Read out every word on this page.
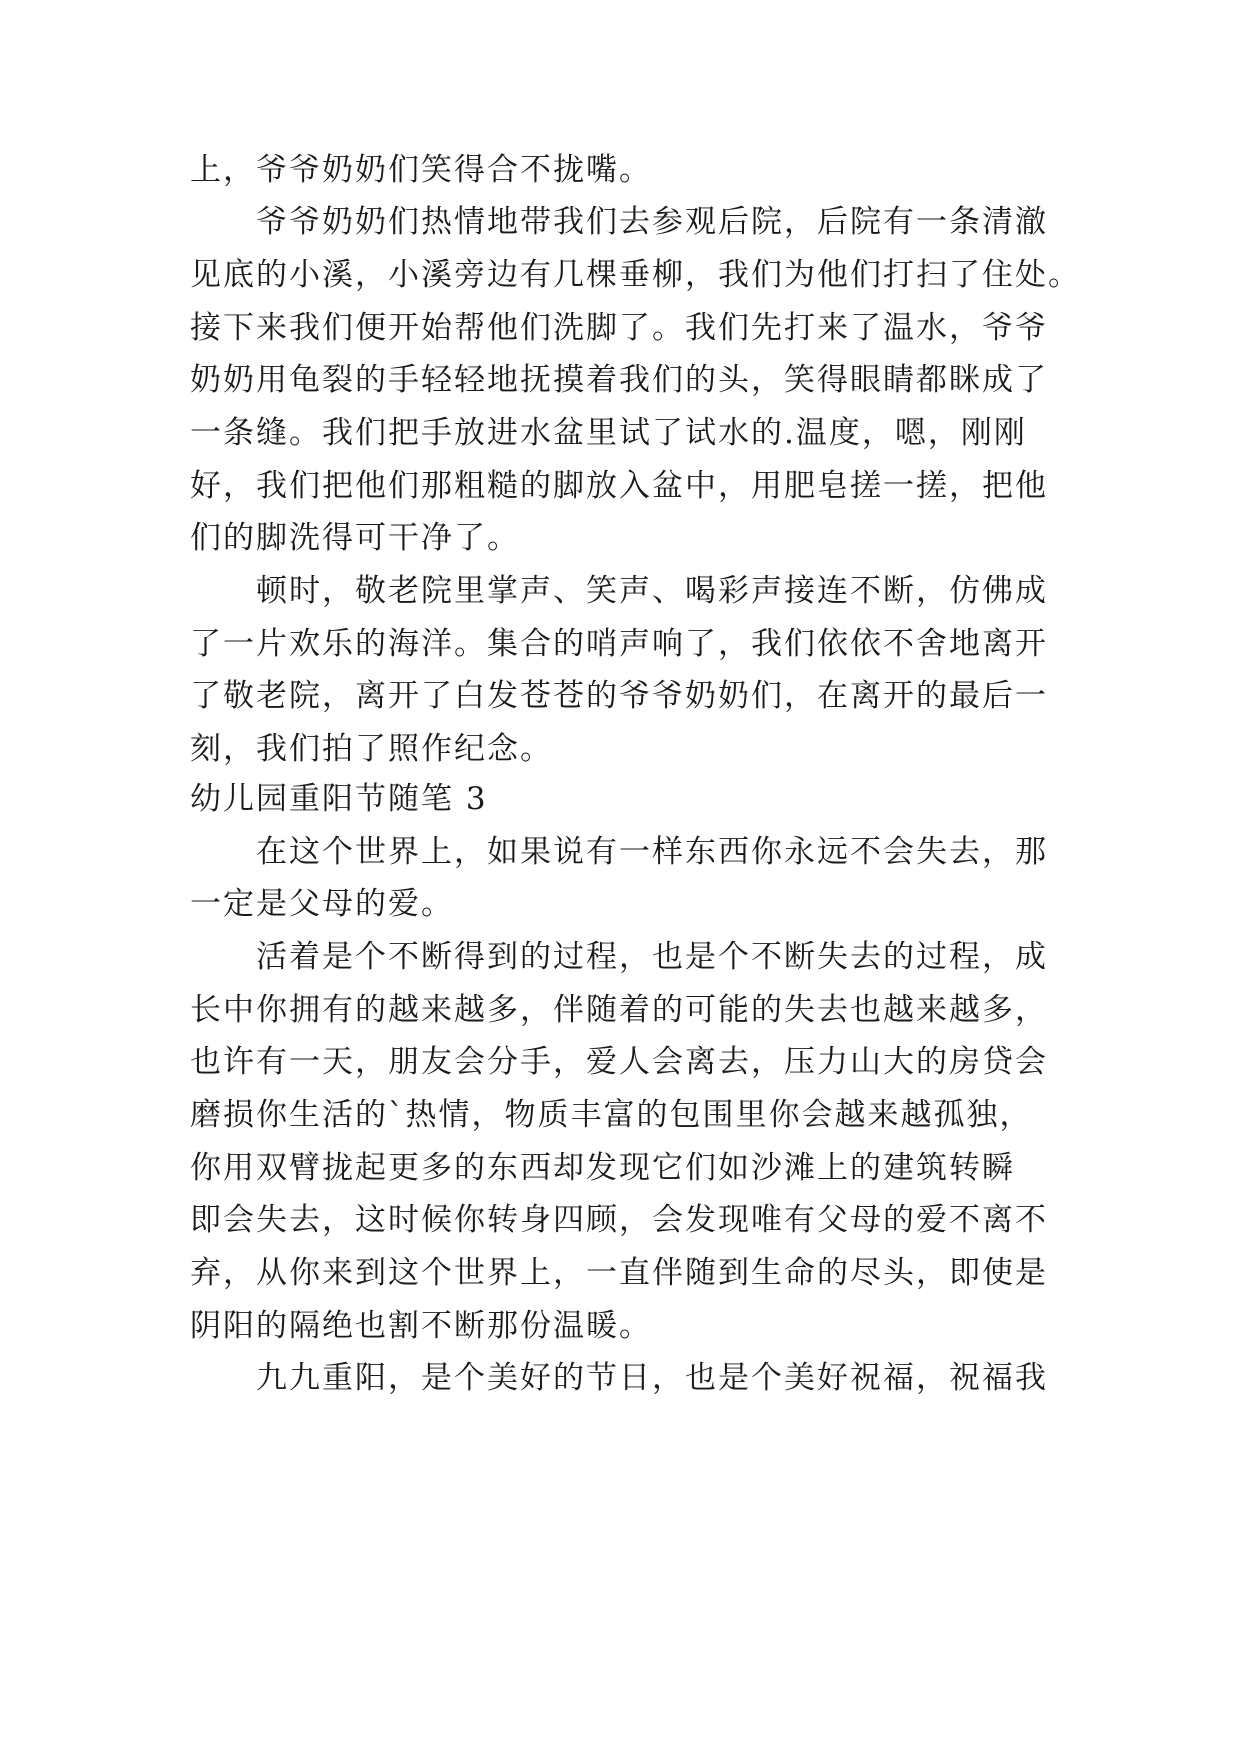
上，爷爷奶奶们笑得合不拢嘴。
爷爷奶奶们热情地带我们去参观后院，后院有一条清澈
见底的小溪，小溪旁边有几棵垂柳，我们为他们打扫了住处。
接下来我们便开始帮他们洗脚了。我们先打来了温水，爷爷
奶奶用龟裂的手轻轻地抚摸着我们的头，笑得眼睛都眯成了
一条缝。我们把手放进水盆里试了试水的.温度，嗯，刚刚
好，我们把他们那粗糙的脚放入盆中，用肥皂搓一搓，把他
们的脚洗得可干净了。
顿时，敬老院里掌声、笑声、喝彩声接连不断，仿佛成
了一片欢乐的海洋。集合的哨声响了，我们依依不舍地离开
了敬老院，离开了白发苍苍的爷爷奶奶们，在离开的最后一
刻，我们拍了照作纪念。
幼儿园重阳节随笔 3
在这个世界上，如果说有一样东西你永远不会失去，那
一定是父母的爱。
活着是个不断得到的过程，也是个不断失去的过程，成
长中你拥有的越来越多，伴随着的可能的失去也越来越多，
也许有一天，朋友会分手，爱人会离去，压力山大的房贷会
磨损你生活的`热情，物质丰富的包围里你会越来越孤独，
你用双臂拢起更多的东西却发现它们如沙滩上的建筑转瞬
即会失去，这时候你转身四顾，会发现唯有父母的爱不离不
弃，从你来到这个世界上，一直伴随到生命的尽头，即使是
阴阳的隔绝也割不断那份温暖。
九九重阳，是个美好的节日，也是个美好祝福，祝福我
